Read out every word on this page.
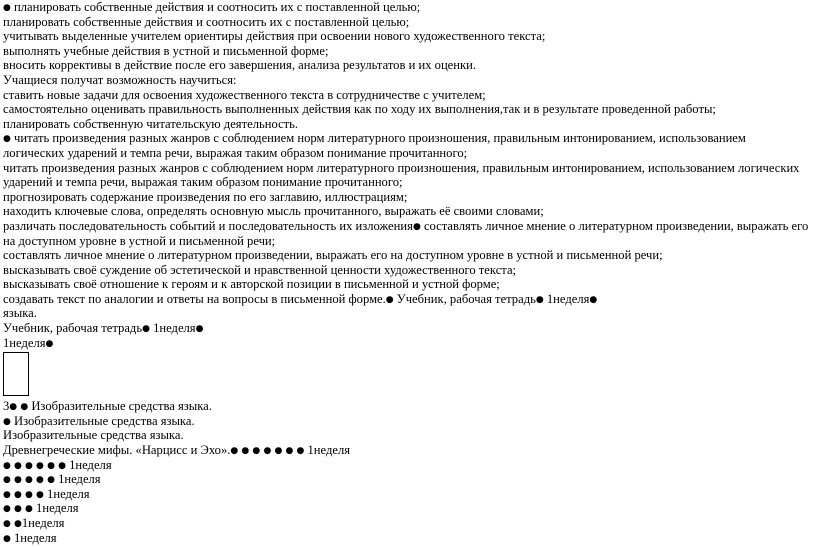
● планировать собственные действия и соотносить их с поставленной целью;
планировать собственные действия и соотносить их с поставленной целью;
учитывать выделенные учителем ориентиры действия при освоении нового художественного текста;
выполнять учебные действия в устной и письменной форме;
вносить коррективы в действие после его завершения, анализа результатов и их оценки.
Учащиеся получат возможность научиться:
ставить новые задачи для освоения художественного текста в сотрудничестве с учителем;
самостоятельно оценивать правильность выполненных действия как по ходу их выполнения,так и в результате проведенной работы;
планировать собственную читательскую деятельность.
● читать произведения разных жанров с соблюдением норм литературного произношения, правильным интонированием, использованием
логических ударений и темпа речи, выражая таким образом понимание прочитанного;
читать произведения разных жанров с соблюдением норм литературного произношения, правильным интонированием, использованием логических
ударений и темпа речи, выражая таким образом понимание прочитанного;
прогнозировать содержание произведения по его заглавию, иллюстрациям;
находить ключевые слова, определять основную мысль прочитанного, выражать её своими словами;
различать последовательность событий и последовательность их изложения● составлять личное мнение о литературном произведении, выражать его
на доступном уровне в устной и письменной речи;
составлять личное мнение о литературном произведении, выражать его на доступном уровне в устной и письменной речи;
высказывать своё суждение об эстетической и нравственной ценности художественного текста;
высказывать своё отношение к героям и к авторской позиции в письменной и устной форме;
создавать текст по аналогии и ответы на вопросы в письменной форме.● Учебник, рабочая тетрадь● 1неделя●
языка.
Учебник, рабочая тетрадь● 1неделя●
1неделя●
3● ● Изобразительные средства языка.
● Изобразительные средства языка.
Изобразительные средства языка.
Древнегреческие мифы. «Нарцисс и Эхо».● ● ● ● ● ● ● 1неделя
● ● ● ● ● ● 1неделя
● ● ● ● ● 1неделя
● ● ● ● 1неделя
● ● ● 1неделя
● ●1неделя
● 1неделя
